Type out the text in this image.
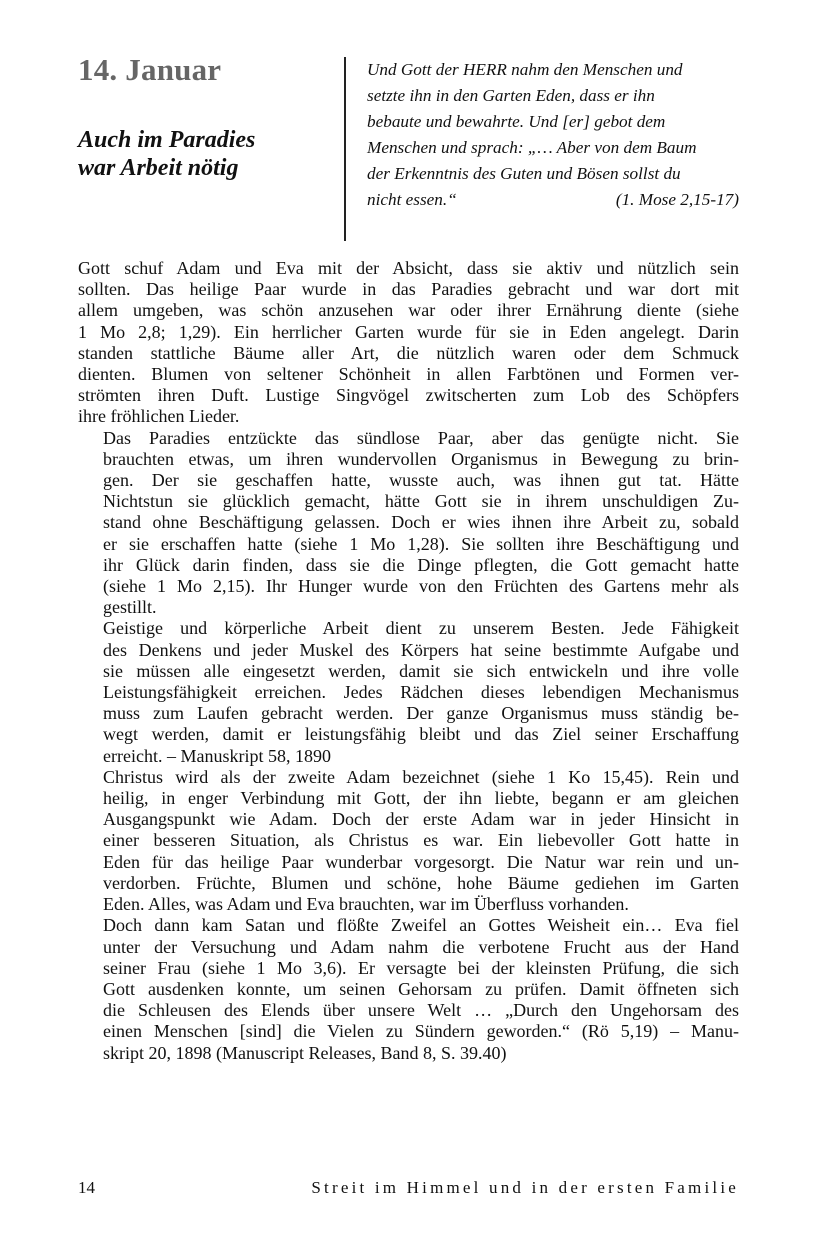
14. Januar
Auch im Paradies
war Arbeit nötig
Und Gott der HERR nahm den Menschen und
setzte ihn in den Garten Eden, dass er ihn
bebaute und bewahrte. Und [er] gebot dem
Menschen und sprach: „… Aber von dem Baum
der Erkenntnis des Guten und Bösen sollst du
nicht essen.“	(1. Mose 2,15-17)
Gott schuf Adam und Eva mit der Absicht, dass sie aktiv und nützlich sein
sollten. Das heilige Paar wurde in das Paradies gebracht und war dort mit
allem umgeben, was schön anzusehen war oder ihrer Ernährung diente (siehe
1 Mo 2,8; 1,29). Ein herrlicher Garten wurde für sie in Eden angelegt. Darin
standen stattliche Bäume aller Art, die nützlich waren oder dem Schmuck
dienten. Blumen von seltener Schönheit in allen Farbtönen und Formen ver-
strömten ihren Duft. Lustige Singvögel zwitscherten zum Lob des Schöpfers
ihre fröhlichen Lieder.
Das Paradies entzückte das sündlose Paar, aber das genügte nicht. Sie
brauchten etwas, um ihren wundervollen Organismus in Bewegung zu brin-
gen. Der sie geschaffen hatte, wusste auch, was ihnen gut tat. Hätte
Nichtstun sie glücklich gemacht, hätte Gott sie in ihrem unschuldigen Zu-
stand ohne Beschäftigung gelassen. Doch er wies ihnen ihre Arbeit zu, sobald
er sie erschaffen hatte (siehe 1 Mo 1,28). Sie sollten ihre Beschäftigung und
ihr Glück darin finden, dass sie die Dinge pflegten, die Gott gemacht hatte
(siehe 1 Mo 2,15). Ihr Hunger wurde von den Früchten des Gartens mehr als
gestillt.
Geistige und körperliche Arbeit dient zu unserem Besten. Jede Fähigkeit
des Denkens und jeder Muskel des Körpers hat seine bestimmte Aufgabe und
sie müssen alle eingesetzt werden, damit sie sich entwickeln und ihre volle
Leistungsfähigkeit erreichen. Jedes Rädchen dieses lebendigen Mechanismus
muss zum Laufen gebracht werden. Der ganze Organismus muss ständig be-
wegt werden, damit er leistungsfähig bleibt und das Ziel seiner Erschaffung
erreicht. – Manuskript 58, 1890
Christus wird als der zweite Adam bezeichnet (siehe 1 Ko 15,45). Rein und
heilig, in enger Verbindung mit Gott, der ihn liebte, begann er am gleichen
Ausgangspunkt wie Adam. Doch der erste Adam war in jeder Hinsicht in
einer besseren Situation, als Christus es war. Ein liebevoller Gott hatte in
Eden für das heilige Paar wunderbar vorgesorgt. Die Natur war rein und un-
verdorben. Früchte, Blumen und schöne, hohe Bäume gediehen im Garten
Eden. Alles, was Adam und Eva brauchten, war im Überfluss vorhanden.
Doch dann kam Satan und flößte Zweifel an Gottes Weisheit ein… Eva fiel
unter der Versuchung und Adam nahm die verbotene Frucht aus der Hand
seiner Frau (siehe 1 Mo 3,6). Er versagte bei der kleinsten Prüfung, die sich
Gott ausdenken konnte, um seinen Gehorsam zu prüfen. Damit öffneten sich
die Schleusen des Elends über unsere Welt … „Durch den Ungehorsam des
einen Menschen [sind] die Vielen zu Sündern geworden.“ (Rö 5,19) – Manu-
skript 20, 1898 (Manuscript Releases, Band 8, S. 39.40)
14	Streit im Himmel und in der ersten Familie
